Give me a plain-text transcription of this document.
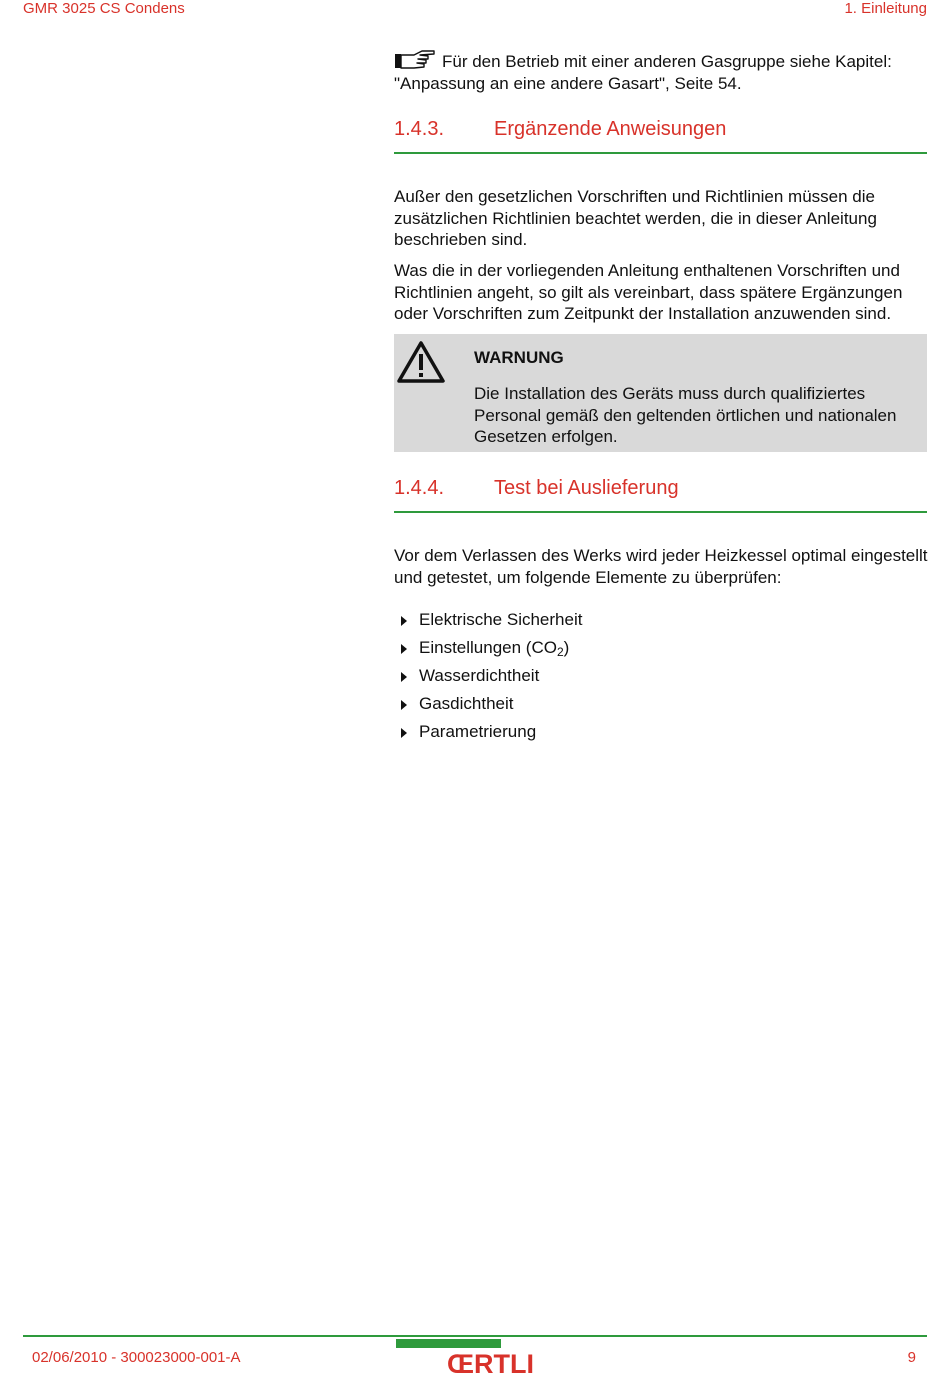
GMR 3025 CS Condens	1. Einleitung
Für den Betrieb mit einer anderen Gasgruppe siehe Kapitel: "Anpassung an eine andere Gasart", Seite 54.
1.4.3. Ergänzende Anweisungen

Außer den gesetzlichen Vorschriften und Richtlinien müssen die zusätzlichen Richtlinien beachtet werden, die in dieser Anleitung beschrieben sind.

Was die in der vorliegenden Anleitung enthaltenen Vorschriften und Richtlinien angeht, so gilt als vereinbart, dass spätere Ergänzungen oder Vorschriften zum Zeitpunkt der Installation anzuwenden sind.

WARNUNG
Die Installation des Geräts muss durch qualifiziertes Personal gemäß den geltenden örtlichen und nationalen Gesetzen erfolgen.
1.4.4. Test bei Auslieferung

Vor dem Verlassen des Werks wird jeder Heizkessel optimal eingestellt und getestet, um folgende Elemente zu überprüfen:

Elektrische Sicherheit
Einstellungen $(CO_2)$
Wasserdichtheit
Gasdichtheit
Parametrierung
02/06/2010 - 300023000-001-A	ŒRTLI	9
